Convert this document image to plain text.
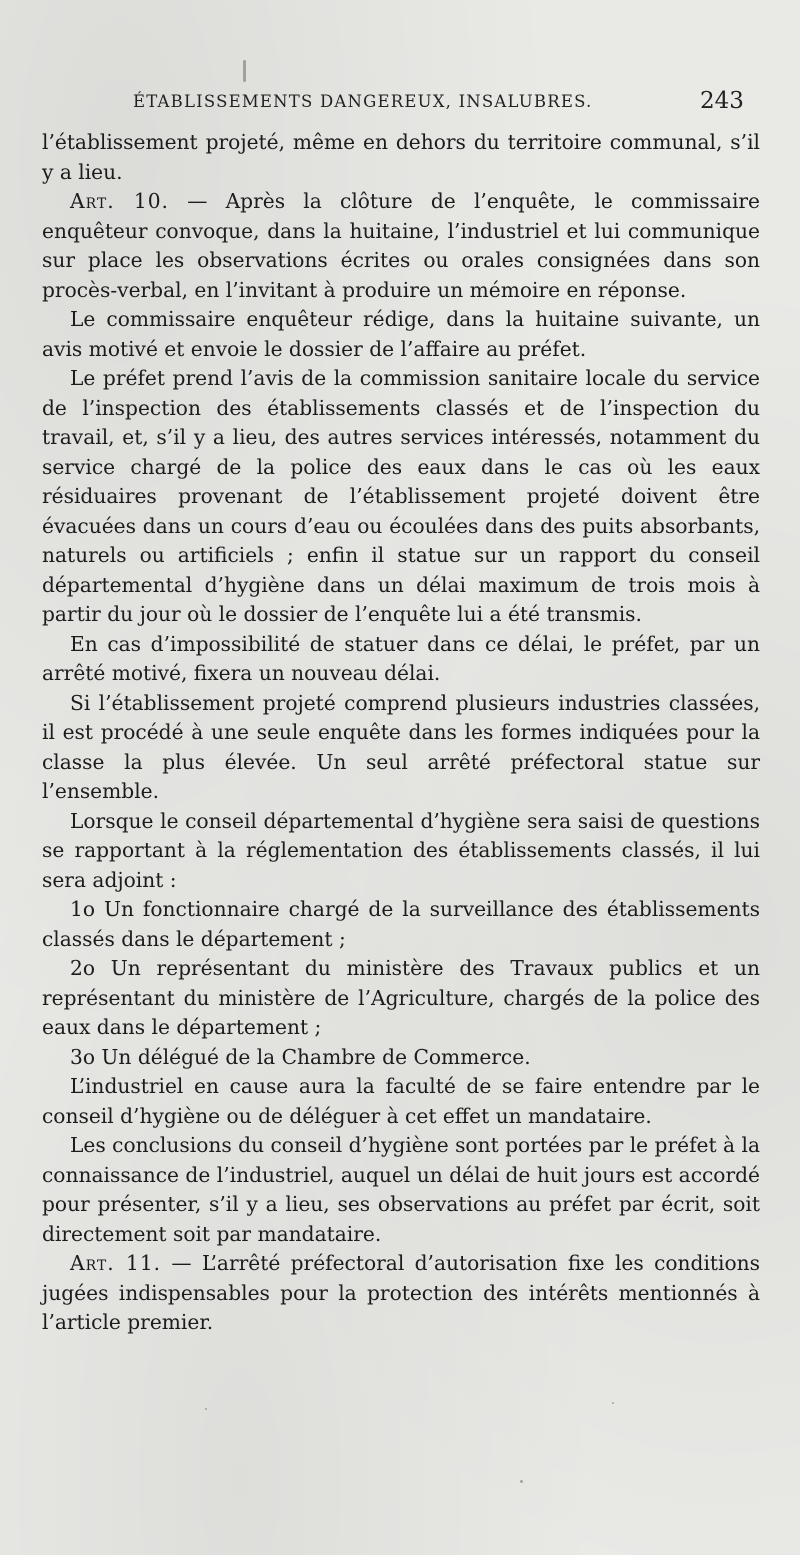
ÉTABLISSEMENTS DANGEREUX, INSALUBRES.	243

l’établissement projeté, même en dehors du territoire communal, s’il y a lieu.

Art. 10. — Après la clôture de l’enquête, le commissaire enquêteur convoque, dans la huitaine, l’industriel et lui communique sur place les observations écrites ou orales consignées dans son procès-verbal, en l’invitant à produire un mémoire en réponse.

Le commissaire enquêteur rédige, dans la huitaine suivante, un avis motivé et envoie le dossier de l’affaire au préfet.

Le préfet prend l’avis de la commission sanitaire locale du service de l’inspection des établissements classés et de l’inspection du travail, et, s’il y a lieu, des autres services intéressés, notamment du service chargé de la police des eaux dans le cas où les eaux résiduaires provenant de l’établissement projeté doivent être évacuées dans un cours d’eau ou écoulées dans des puits absorbants, naturels ou artificiels ; enfin il statue sur un rapport du conseil départemental d’hygiène dans un délai maximum de trois mois à partir du jour où le dossier de l’enquête lui a été transmis.

En cas d’impossibilité de statuer dans ce délai, le préfet, par un arrêté motivé, fixera un nouveau délai.

Si l’établissement projeté comprend plusieurs industries classées, il est procédé à une seule enquête dans les formes indiquées pour la classe la plus élevée. Un seul arrêté préfectoral statue sur l’ensemble.

Lorsque le conseil départemental d’hygiène sera saisi de questions se rapportant à la réglementation des établissements classés, il lui sera adjoint :

1o Un fonctionnaire chargé de la surveillance des établissements classés dans le département ;

2o Un représentant du ministère des Travaux publics et un représentant du ministère de l’Agriculture, chargés de la police des eaux dans le département ;

3o Un délégué de la Chambre de Commerce.

L’industriel en cause aura la faculté de se faire entendre par le conseil d’hygiène ou de déléguer à cet effet un mandataire.

Les conclusions du conseil d’hygiène sont portées par le préfet à la connaissance de l’industriel, auquel un délai de huit jours est accordé pour présenter, s’il y a lieu, ses observations au préfet par écrit, soit directement soit par mandataire.

Art. 11. — L’arrêté préfectoral d’autorisation fixe les conditions jugées indispensables pour la protection des intérêts mentionnés à l’article premier.
